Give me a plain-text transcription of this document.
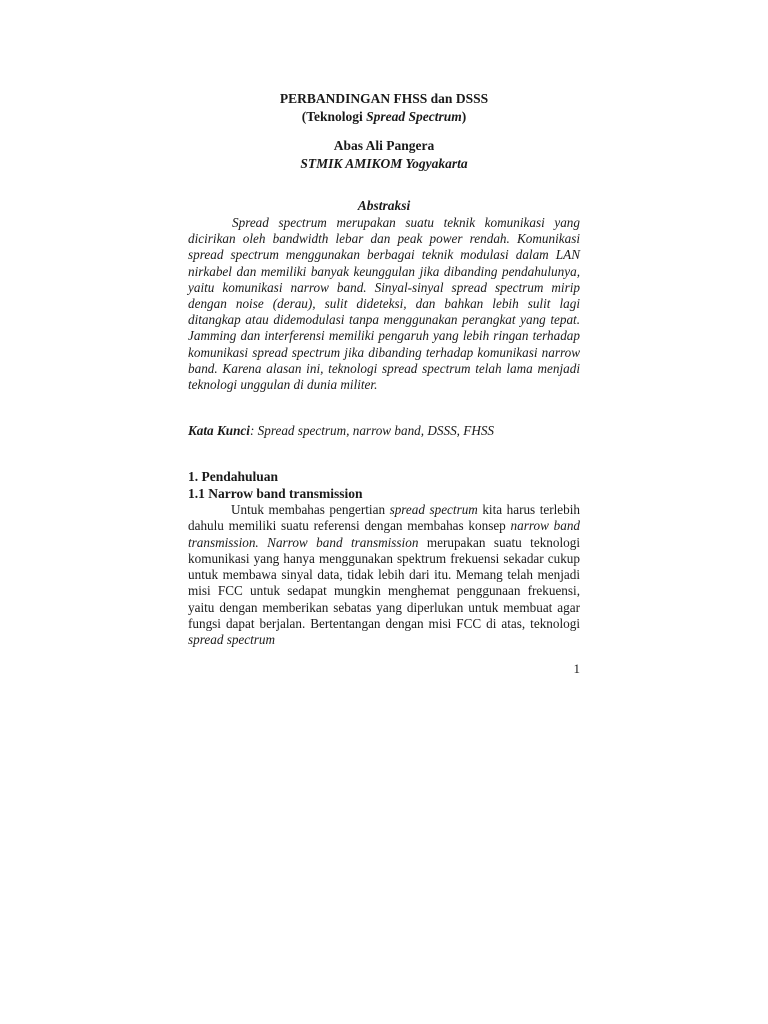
PERBANDINGAN FHSS dan DSSS
(Teknologi Spread Spectrum)
Abas Ali Pangera
STMIK AMIKOM Yogyakarta
Abstraksi

Spread spectrum merupakan suatu teknik komunikasi yang dicirikan oleh bandwidth lebar dan peak power rendah. Komunikasi spread spectrum menggunakan berbagai teknik modulasi dalam LAN nirkabel dan memiliki banyak keunggulan jika dibanding pendahulunya, yaitu komunikasi narrow band. Sinyal-sinyal spread spectrum mirip dengan noise (derau), sulit dideteksi, dan bahkan lebih sulit lagi ditangkap atau didemodulasi tanpa menggunakan perangkat yang tepat. Jamming dan interferensi memiliki pengaruh yang lebih ringan terhadap komunikasi spread spectrum jika dibanding terhadap komunikasi narrow band. Karena alasan ini, teknologi spread spectrum telah lama menjadi teknologi unggulan di dunia militer.

Kata Kunci: Spread spectrum, narrow band, DSSS, FHSS

1. Pendahuluan
1.1 Narrow band transmission

Untuk membahas pengertian spread spectrum kita harus terlebih dahulu memiliki suatu referensi dengan membahas konsep narrow band transmission. Narrow band transmission merupakan suatu teknologi komunikasi yang hanya menggunakan spektrum frekuensi sekadar cukup untuk membawa sinyal data, tidak lebih dari itu. Memang telah menjadi misi FCC untuk sedapat mungkin menghemat penggunaan frekuensi, yaitu dengan memberikan sebatas yang diperlukan untuk membuat agar fungsi dapat berjalan. Bertentangan dengan misi FCC di atas, teknologi spread spectrum

1
